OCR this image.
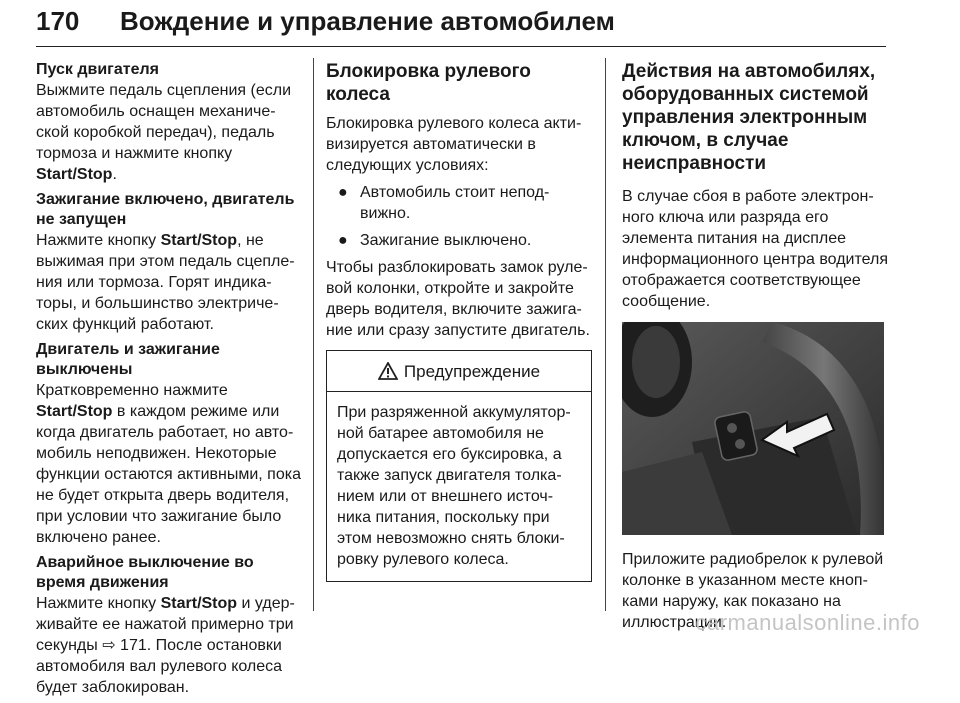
170 Вождение и управление автомобилем
Пуск двигателя
Выжмите педаль сцепления (если автомобиль оснащен механической коробкой передач), педаль тормоза и нажмите кнопку Start/Stop.
Зажигание включено, двигатель не запущен
Нажмите кнопку Start/Stop, не выжимая при этом педаль сцепления или тормоза. Горят индикаторы, и большинство электрических функций работают.
Двигатель и зажигание выключены
Кратковременно нажмите Start/Stop в каждом режиме или когда двигатель работает, но автомобиль неподвижен. Некоторые функции остаются активными, пока не будет открыта дверь водителя, при условии что зажигание было включено ранее.
Аварийное выключение во время движения
Нажмите кнопку Start/Stop и удерживайте ее нажатой примерно три секунды ⇨ 171. После остановки автомобиля вал рулевого колеса будет заблокирован.
Блокировка рулевого колеса
Блокировка рулевого колеса активизируется автоматически в следующих условиях:
● Автомобиль стоит неподвижно.
● Зажигание выключено.
Чтобы разблокировать замок рулевой колонки, откройте и закройте дверь водителя, включите зажигание или сразу запустите двигатель.
Предупреждение
При разряженной аккумуляторной батарее автомобиля не допускается его буксировка, а также запуск двигателя толканием или от внешнего источника питания, поскольку при этом невозможно снять блокировку рулевого колеса.
Действия на автомобилях, оборудованных системой управления электронным ключом, в случае неисправности
В случае сбоя в работе электронного ключа или разряда его элемента питания на дисплее информационного центра водителя отображается соответствующее сообщение.
Приложите радиобрелок к рулевой колонке в указанном месте кнопками наружу, как показано на иллюстрации.
carmanualsonline.info
